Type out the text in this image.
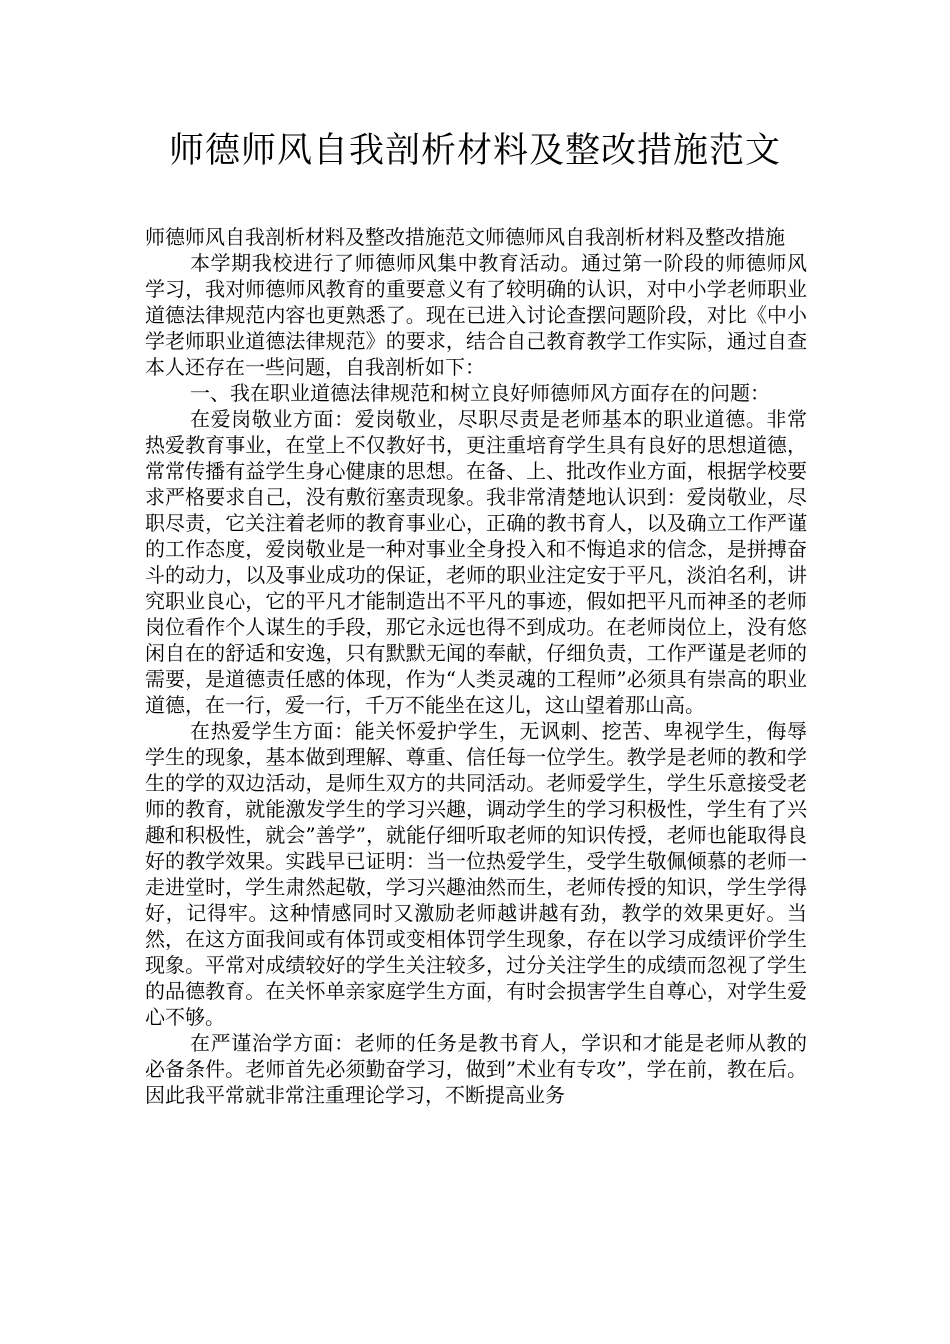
师德师风自我剖析材料及整改措施范文

师德师风自我剖析材料及整改措施范文师德师风自我剖析材料及整改措施

本学期我校进行了师德师风集中教育活动。通过第一阶段的师德师风学习，我对师德师风教育的重要意义有了较明确的认识，对中小学老师职业道德法律规范内容也更熟悉了。现在已进入讨论查摆问题阶段，对比《中小学老师职业道德法律规范》的要求，结合自己教育教学工作实际，通过自查本人还存在一些问题，自我剖析如下：

一、我在职业道德法律规范和树立良好师德师风方面存在的问题：

在爱岗敬业方面：爱岗敬业，尽职尽责是老师基本的职业道德。非常热爱教育事业，在堂上不仅教好书，更注重培育学生具有良好的思想道德，常常传播有益学生身心健康的思想。在备、上、批改作业方面，根据学校要求严格要求自己，没有敷衍塞责现象。我非常清楚地认识到：爱岗敬业，尽职尽责，它关注着老师的教育事业心，正确的教书育人，以及确立工作严谨的工作态度，爱岗敬业是一种对事业全身投入和不悔追求的信念，是拼搏奋斗的动力，以及事业成功的保证，老师的职业注定安于平凡，淡泊名利，讲究职业良心，它的平凡才能制造出不平凡的事迹，假如把平凡而神圣的老师岗位看作个人谋生的手段，那它永远也得不到成功。在老师岗位上，没有悠闲自在的舒适和安逸，只有默默无闻的奉献，仔细负责，工作严谨是老师的需要，是道德责任感的体现，作为“人类灵魂的工程师”必须具有崇高的职业道德，在一行，爱一行，千万不能坐在这儿，这山望着那山高。

在热爱学生方面：能关怀爱护学生，无讽刺、挖苦、卑视学生，侮辱学生的现象，基本做到理解、尊重、信任每一位学生。教学是老师的教和学生的学的双边活动，是师生双方的共同活动。老师爱学生，学生乐意接受老师的教育，就能激发学生的学习兴趣，调动学生的学习积极性，学生有了兴趣和积极性，就会”善学”，就能仔细听取老师的知识传授，老师也能取得良好的教学效果。实践早已证明：当一位热爱学生，受学生敬佩倾慕的老师一走进堂时，学生肃然起敬，学习兴趣油然而生，老师传授的知识，学生学得好，记得牢。这种情感同时又激励老师越讲越有劲，教学的效果更好。当然，在这方面我间或有体罚或变相体罚学生现象，存在以学习成绩评价学生现象。平常对成绩较好的学生关注较多，过分关注学生的成绩而忽视了学生的品德教育。在关怀单亲家庭学生方面，有时会损害学生自尊心，对学生爱心不够。

在严谨治学方面：老师的任务是教书育人，学识和才能是老师从教的必备条件。老师首先必须勤奋学习，做到”术业有专攻”，学在前，教在后。因此我平常就非常注重理论学习，不断提高业务
